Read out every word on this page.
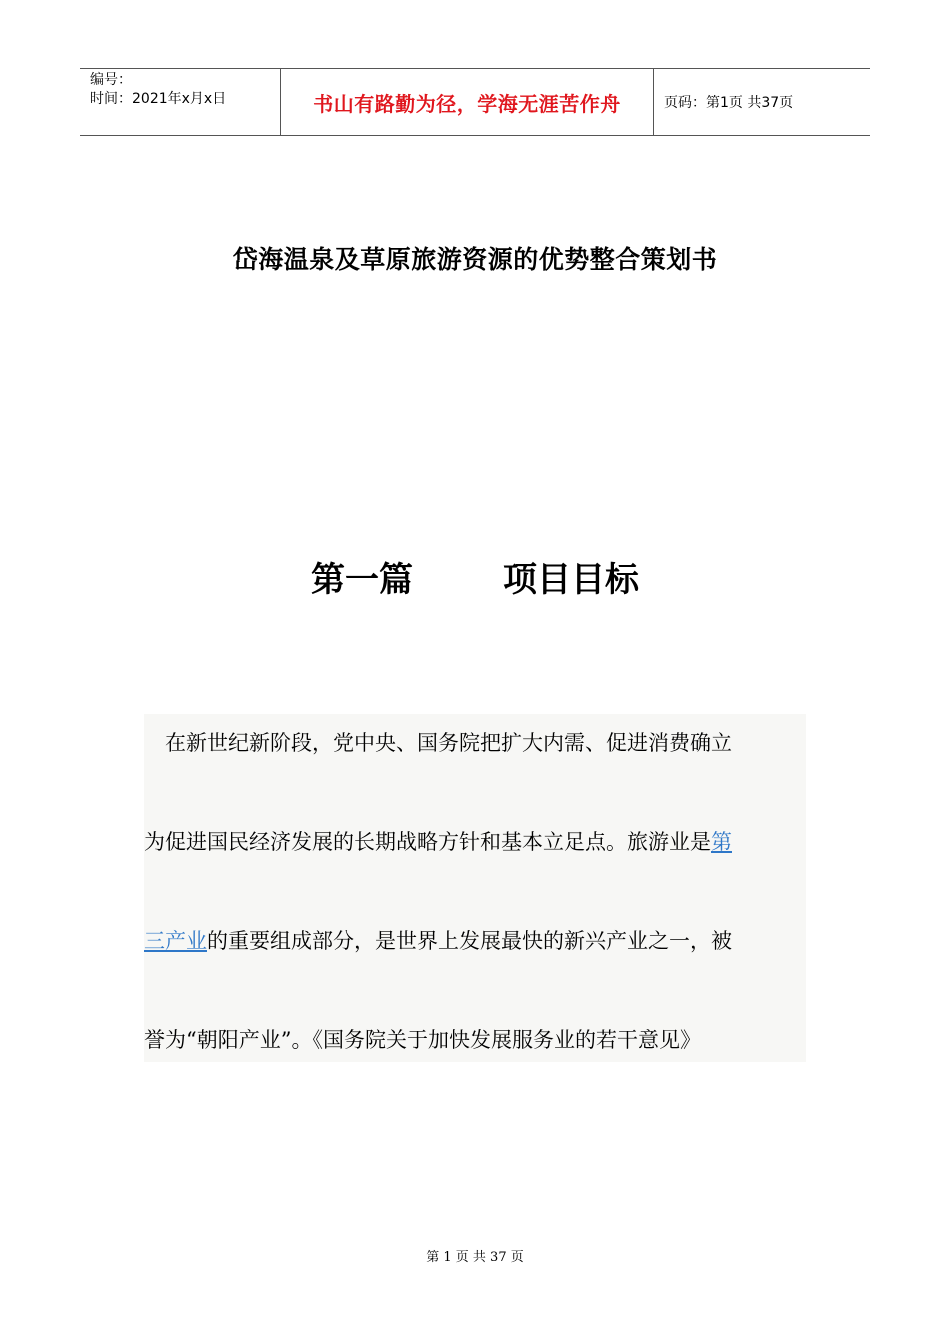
编号：
时间：2021年x月x日	书山有路勤为径，学海无涯苦作舟	页码：第1页 共37页
岱海温泉及草原旅游资源的优势整合策划书
第一篇	项目目标
在新世纪新阶段，党中央、国务院把扩大内需、促进消费确立
为促进国民经济发展的长期战略方针和基本立足点。旅游业是第
三产业的重要组成部分，是世界上发展最快的新兴产业之一，被
誉为“朝阳产业”。《国务院关于加快发展服务业的若干意见》
第 1 页 共 37 页
